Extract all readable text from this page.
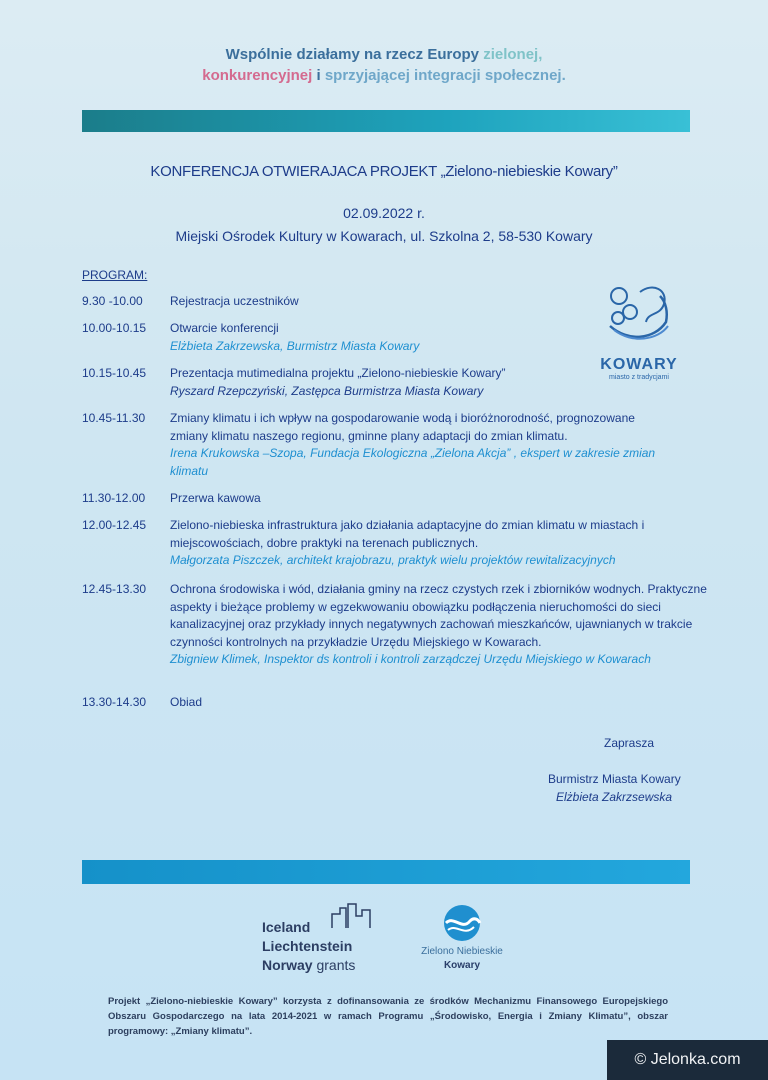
Wspólnie działamy na rzecz Europy zielonej,
konkurencyjnej i sprzyjającej integracji społecznej.
KONFERENCJA OTWIERAJACA PROJEKT „Zielono-niebieskie Kowary”
02.09.2022 r.
Miejski Ośrodek Kultury w Kowarach, ul. Szkolna 2, 58-530 Kowary
PROGRAM:
9.30 -10.00	Rejestracja uczestników
10.00-10.15	Otwarcie konferencji
Elżbieta Zakrzewska, Burmistrz Miasta Kowary
10.15-10.45	Prezentacja mutimedialna projektu „Zielono-niebieskie Kowary”
Ryszard Rzepczyński, Zastępca Burmistrza Miasta Kowary
10.45-11.30	Zmiany klimatu i ich wpływ na gospodarowanie wodą i bioróżnorodność, prognozowane zmiany klimatu naszego regionu, gminne plany adaptacji do zmian klimatu.
Irena Krukowska –Szopa, Fundacja Ekologiczna „Zielona Akcja” , ekspert w zakresie zmian klimatu
11.30-12.00	Przerwa kawowa
12.00-12.45	Zielono-niebieska infrastruktura jako działania adaptacyjne do zmian klimatu w miastach i miejscowościach, dobre praktyki na terenach publicznych.
Małgorzata Piszczek, architekt krajobrazu, praktyk wielu projektów rewitalizacyjnych
12.45-13.30	Ochrona środowiska i wód, działania gminy na rzecz czystych rzek i zbiorników wodnych. Praktyczne aspekty i bieżące problemy w egzekwowaniu obowiązku podłączenia nieruchomości do sieci kanalizacyjnej oraz przykłady innych negatywnych zachowań mieszkańców, ujawnianych w trakcie czynności kontrolnych na przykładzie Urzędu Miejskiego w Kowarach.
Zbigniew Klimek, Inspektor ds kontroli i kontroli zarządczej Urzędu Miejskiego w Kowarach
13.30-14.30	Obiad
KOWARY
miasto z tradycjami
Zaprasza
Burmistrz Miasta Kowary
Elżbieta Zakrzsewska
Iceland
Liechtenstein
Norway grants
Zielono Niebieskie
Kowary
Projekt „Zielono-niebieskie Kowary” korzysta z dofinansowania ze środków Mechanizmu Finansowego Europejskiego Obszaru Gospodarczego na lata 2014-2021 w ramach Programu „Środowisko, Energia i Zmiany Klimatu”, obszar programowy: „Zmiany klimatu”.
© Jelonka.com
